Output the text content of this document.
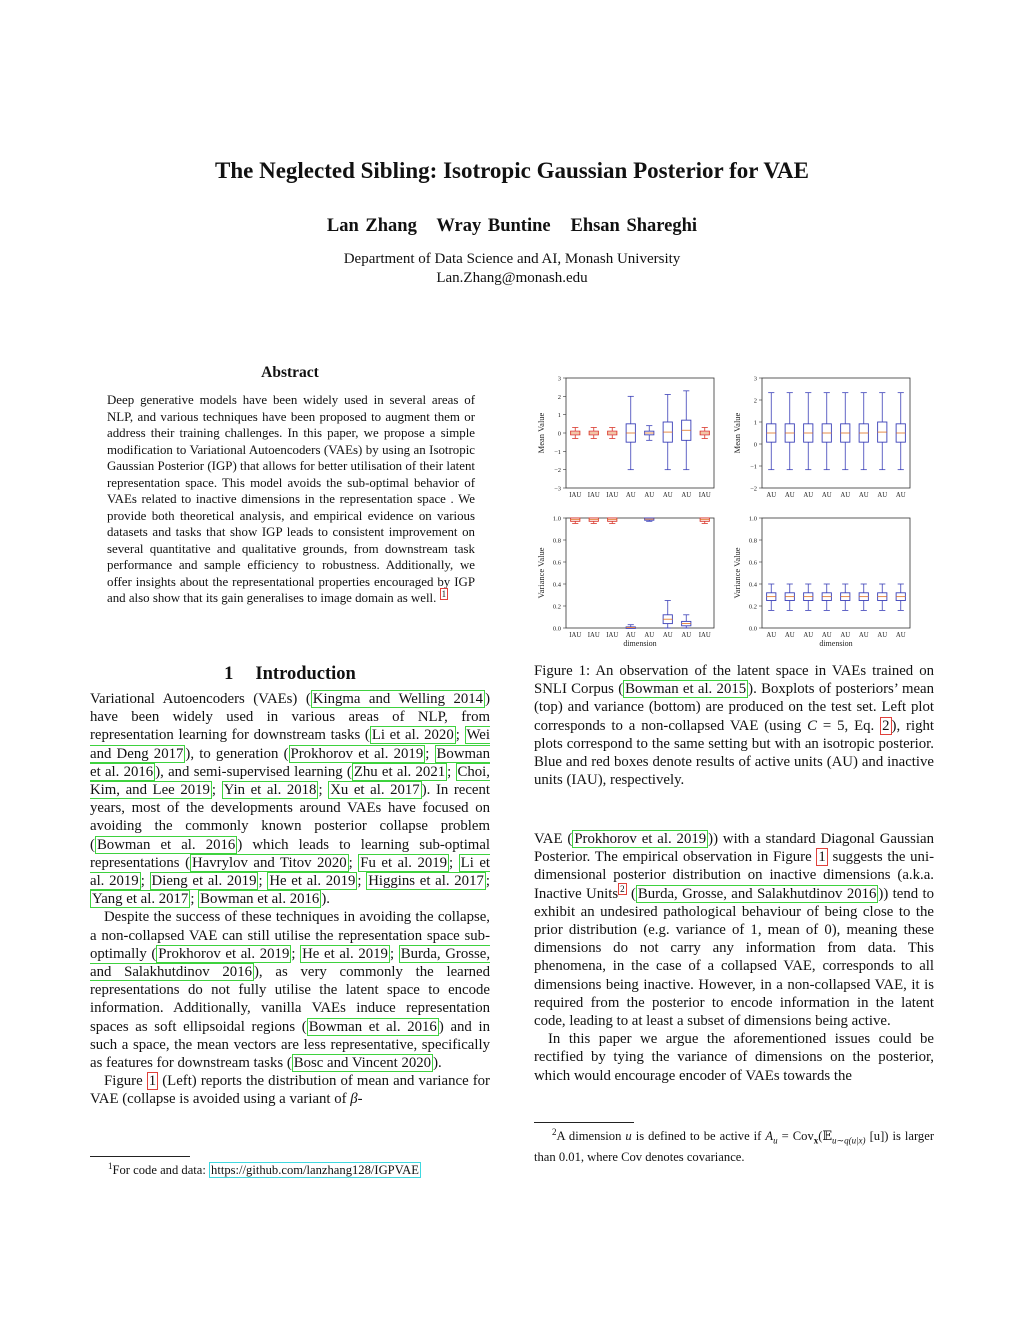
The Neglected Sibling: Isotropic Gaussian Posterior for VAE
Lan Zhang   Wray Buntine   Ehsan Shareghi
Department of Data Science and AI, Monash University
Lan.Zhang@monash.edu
Abstract
Deep generative models have been widely used in several areas of NLP, and various techniques have been proposed to augment them or address their training challenges. In this paper, we propose a simple modification to Variational Autoencoders (VAEs) by using an Isotropic Gaussian Posterior (IGP) that allows for better utilisation of their latent representation space. This model avoids the sub-optimal behavior of VAEs related to inactive dimensions in the representation space . We provide both theoretical analysis, and empirical evidence on various datasets and tasks that show IGP leads to consistent improvement on several quantitative and qualitative grounds, from downstream task performance and sample efficiency to robustness. Additionally, we offer insights about the representational properties encouraged by IGP and also show that its gain generalises to image domain as well. $^1$
1 Introduction

Variational Autoencoders (VAEs) ( Kingma and Welling 2014 ) have been widely used in various areas of NLP, from representation learning for downstream tasks ( Li et al. 2020 ; Wei and Deng 2017 ), to generation ( Prokhorov et al. 2019 ; Bowman et al. 2016 ), and semi-supervised learning ( Zhu et al. 2021 ; Choi, Kim, and Lee 2019 ; Yin et al. 2018 ; Xu et al. 2017 ). In recent years, most of the developments around VAEs have focused on avoiding the commonly known posterior collapse problem ( Bowman et al. 2016 ) which leads to learning sub-optimal representations ( Havrylov and Titov 2020 ; Fu et al. 2019 ; Li et al. 2019 ; Dieng et al. 2019 ; He et al. 2019 ; Higgins et al. 2017 ; Yang et al. 2017 ; Bowman et al. 2016 ).

Despite the success of these techniques in avoiding the collapse, a non-collapsed VAE can still utilise the representation space sub-optimally ( Prokhorov et al. 2019 ; He et al. 2019 ; Burda, Grosse, and Salakhutdinov 2016 ), as very commonly the learned representations do not fully utilise the latent space to encode information. Additionally, vanilla VAEs induce representation spaces as soft ellipsoidal regions ( Bowman et al. 2016 ) and in such a space, the mean vectors are less representative, specifically as features for downstream tasks ( Bosc and Vincent 2020 ).

Figure 1 (Left) reports the distribution of mean and variance for VAE (collapse is avoided using a variant of β-

$^1$For code and data: https://github.com/lanzhang128/IGPVAE
3
2
1
0
−1
−2
−3
Mean Value
IAU IAU IAU AU AU AU AU IAU
3
2
1
0
−1
−2
Mean Value
AU AU AU AU AU AU AU AU
1.0
0.8
0.6
0.4
0.2
0.0
Variance Value
IAU IAU IAU AU AU AU AU IAU
dimension
1.0
0.8
0.6
0.4
0.2
0.0
Variance Value
AU AU AU AU AU AU AU AU
dimension
Figure 1: An observation of the latent space in VAEs trained on SNLI Corpus ( Bowman et al. 2015 ). Boxplots of posteriors’ mean (top) and variance (bottom) are produced on the test set. Left plot corresponds to a non-collapsed VAE (using C = 5, Eq. 2 ), right plots correspond to the same setting but with an isotropic posterior. Blue and red boxes denote results of active units (AU) and inactive units (IAU), respectively.

VAE ( Prokhorov et al. 2019 )) with a standard Diagonal Gaussian Posterior. The empirical observation in Figure 1 suggests the uni-dimensional posterior distribution on inactive dimensions (a.k.a. Inactive Units $^2$ ( Burda, Grosse, and Salakhutdinov 2016 )) tend to exhibit an undesired pathological behaviour of being close to the prior distribution (e.g. variance of 1, mean of 0), meaning these dimensions do not carry any information from data. This phenomena, in the case of a collapsed VAE, corresponds to all dimensions being inactive. However, in a non-collapsed VAE, it is required from the posterior to encode information in the latent code, leading to at least a subset of dimensions being active.

In this paper we argue the aforementioned issues could be rectified by tying the variance of dimensions on the posterior, which would encourage encoder of VAEs towards the

$^2$A dimension u is defined to be active if $A_u$ = Cov$_x$(𝔼$_{u\sim q(u|x)}$ [u]) is larger than 0.01, where Cov denotes covariance.
